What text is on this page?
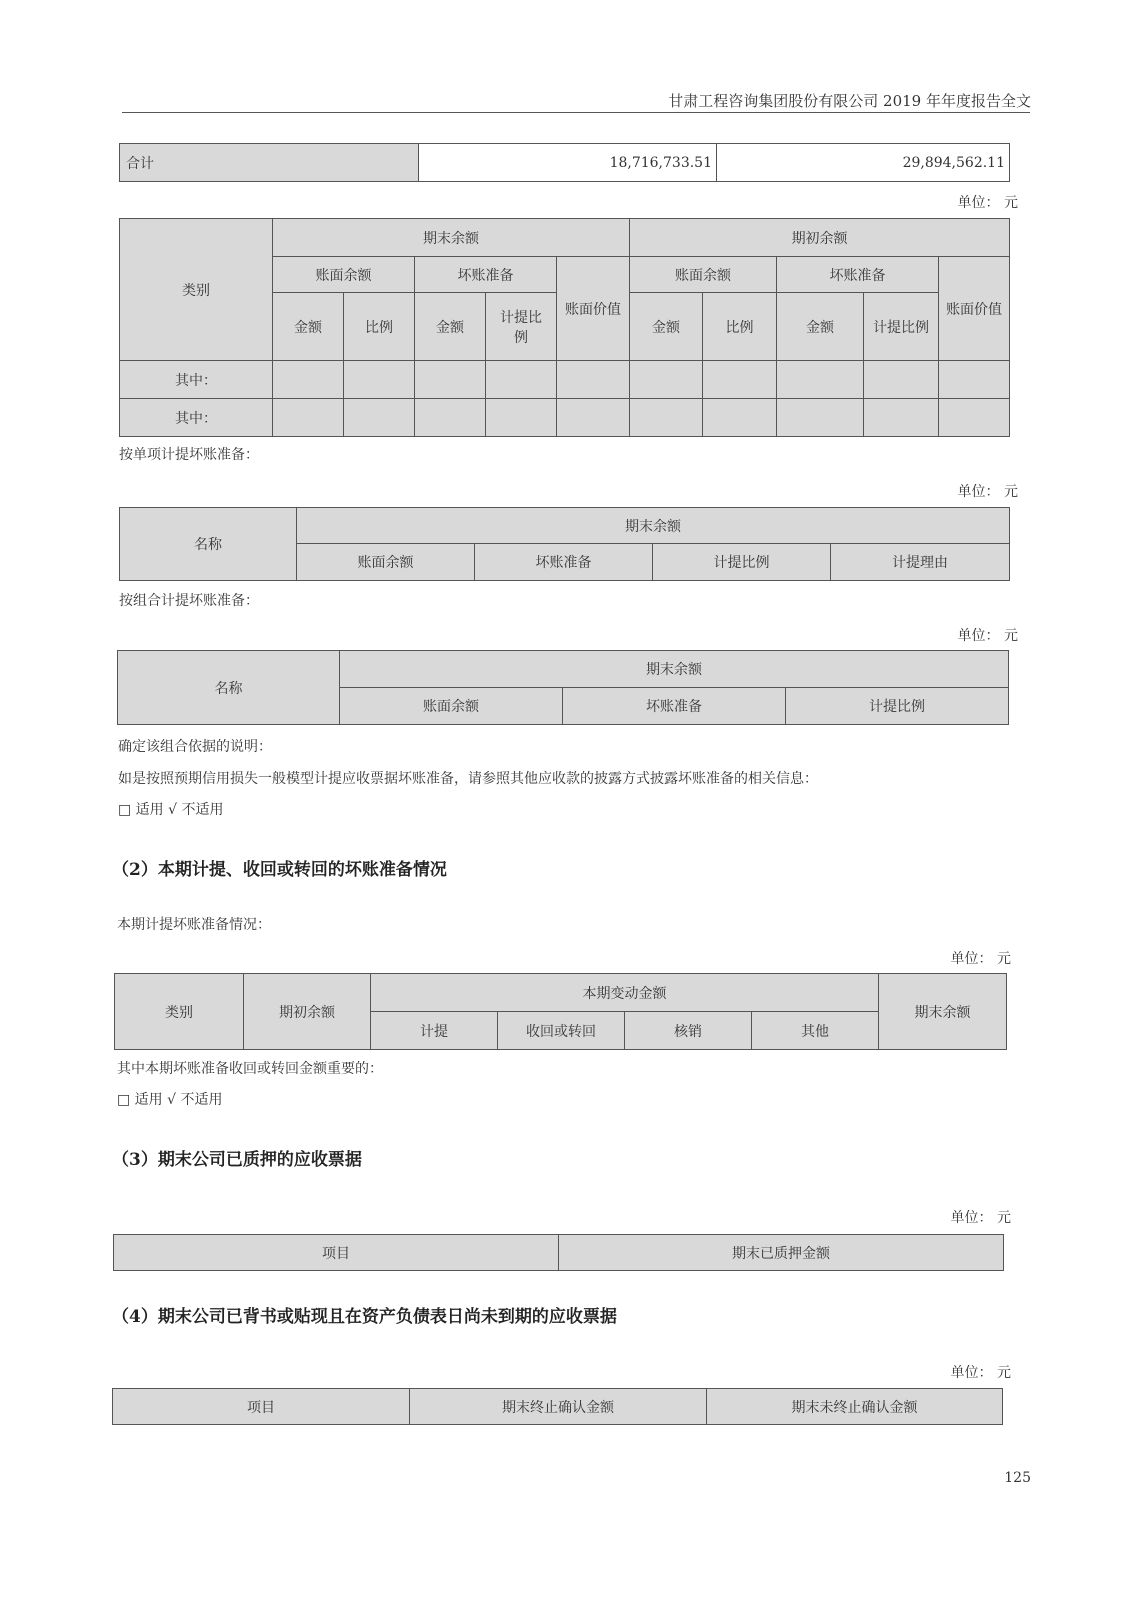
甘肃工程咨询集团股份有限公司 2019 年年度报告全文
合计	18,716,733.51	29,894,562.11
单位： 元
类别	期末余额					期初余额				
	账面余额		坏账准备		账面价值	账面余额		坏账准备		账面价值
	金额	比例	金额	计提比例		金额	比例	金额	计提比例	
其中：										
其中：										
按单项计提坏账准备：
单位： 元
名称	期末余额			
	账面余额	坏账准备	计提比例	计提理由
按组合计提坏账准备：
单位： 元
名称	期末余额		
	账面余额	坏账准备	计提比例
确定该组合依据的说明：
如是按照预期信用损失一般模型计提应收票据坏账准备，请参照其他应收款的披露方式披露坏账准备的相关信息：
□ 适用 √ 不适用
（2）本期计提、收回或转回的坏账准备情况
本期计提坏账准备情况：
单位： 元
类别	期初余额	本期变动金额				期末余额
		计提	收回或转回	核销	其他	
其中本期坏账准备收回或转回金额重要的：
□ 适用 √ 不适用
（3）期末公司已质押的应收票据
单位： 元
项目	期末已质押金额
（4）期末公司已背书或贴现且在资产负债表日尚未到期的应收票据
单位： 元
项目	期末终止确认金额	期末未终止确认金额
125
